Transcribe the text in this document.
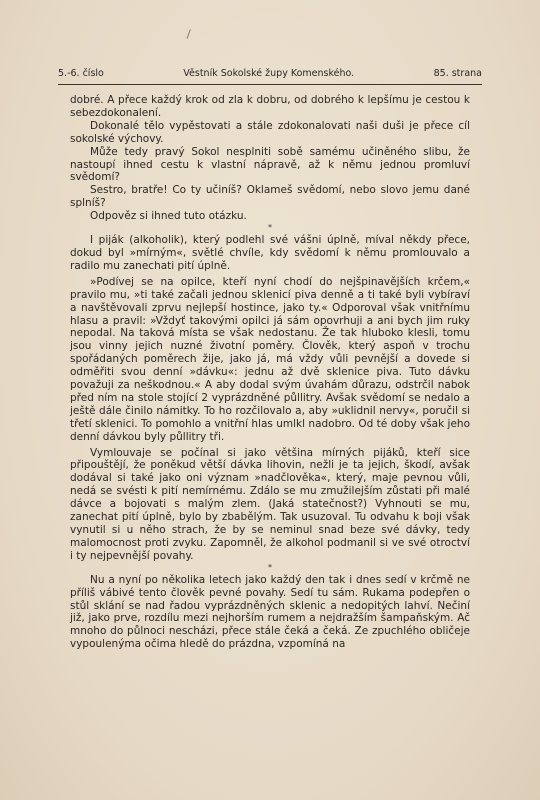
5.-6. číslo	Věstník Sokolské župy Komenského.	85. strana

dobré. A přece každý krok od zla k dobru, od dobrého k lepšímu je cestou k sebezdokonalení.

Dokonalé tělo vypěstovati a stále zdokonalovati naši duši je přece cíl sokolské výchovy.

Může tedy pravý Sokol nesplniti sobě samému učiněného slibu, že nastoupí ihned cestu k vlastní nápravě, až k němu jednou promluví svědomí?

Sestro, bratře! Co ty učiníš? Oklameš svědomí, nebo slovo jemu dané splníš?

Odpověz si ihned tuto otázku.

*

I piják (alkoholik), který podlehl své vášni úplně, míval někdy přece, dokud byl »mírným«, světlé chvíle, kdy svědomí k němu promlouvalo a radilo mu zanechati pití úplně.

»Podívej se na opilce, kteří nyní chodí do nejšpinavějších krčem,« pravilo mu, »ti také začali jednou sklenicí piva denně a ti také byli vybíraví a navštěvovali zprvu nejlepší hostince, jako ty.« Odporoval však vnitřnímu hlasu a pravil: »Vždyť takovými opilci já sám opovrhuji a ani bych jim ruky nepodal. Na taková místa se však nedostanu. Že tak hluboko klesli, tomu jsou vinny jejich nuzné životní poměry. Člověk, který aspoň v trochu spořádaných poměrech žije, jako já, má vždy vůli pevnější a dovede si odměřiti svou denní »dávku«: jednu až dvě sklenice piva. Tuto dávku považuji za neškodnou.« A aby dodal svým úvahám důrazu, odstrčil nabok před ním na stole stojící 2 vyprázdněné půllitry. Avšak svědomí se nedalo a ještě dále činilo námitky. To ho rozčilovalo a, aby »uklidnil nervy«, poručil si třetí sklenici. To pomohlo a vnitřní hlas umlkl nadobro. Od té doby však jeho denní dávkou byly půllitry tři.

Vymlouvaje se počínal si jako většina mírných pijáků, kteří sice připouštějí, že poněkud větší dávka lihovin, nežli je ta jejich, škodí, avšak dodával si také jako oni význam »nadčlověka«, který, maje pevnou vůli, nedá se svésti k pití nemírnému. Zdálo se mu zmužilejším zůstati při malé dávce a bojovati s malým zlem. (Jaká statečnost?) Vyhnouti se mu, zanechat pití úplně, bylo by zbabělým. Tak usuzoval. Tu odvahu k boji však vynutil si u něho strach, že by se neminul snad beze své dávky, tedy malomocnost proti zvyku. Zapomněl, že alkohol podmanil si ve své otroctví i ty nejpevnější povahy.

*

Nu a nyní po několika letech jako každý den tak i dnes sedí v krčmě ne příliš vábivé tento člověk pevné povahy. Sedí tu sám. Rukama podepřen o stůl sklání se nad řadou vyprázdněných sklenic a nedopitých lahví. Nečiní již, jako prve, rozdílu mezi nejhorším rumem a nejdražším šampaňským. Ač mnoho do půlnoci nescházi, přece stále čeká a čeká. Ze zpuchlého obličeje vypoulenýma očima hledě do prázdna, vzpomíná na
